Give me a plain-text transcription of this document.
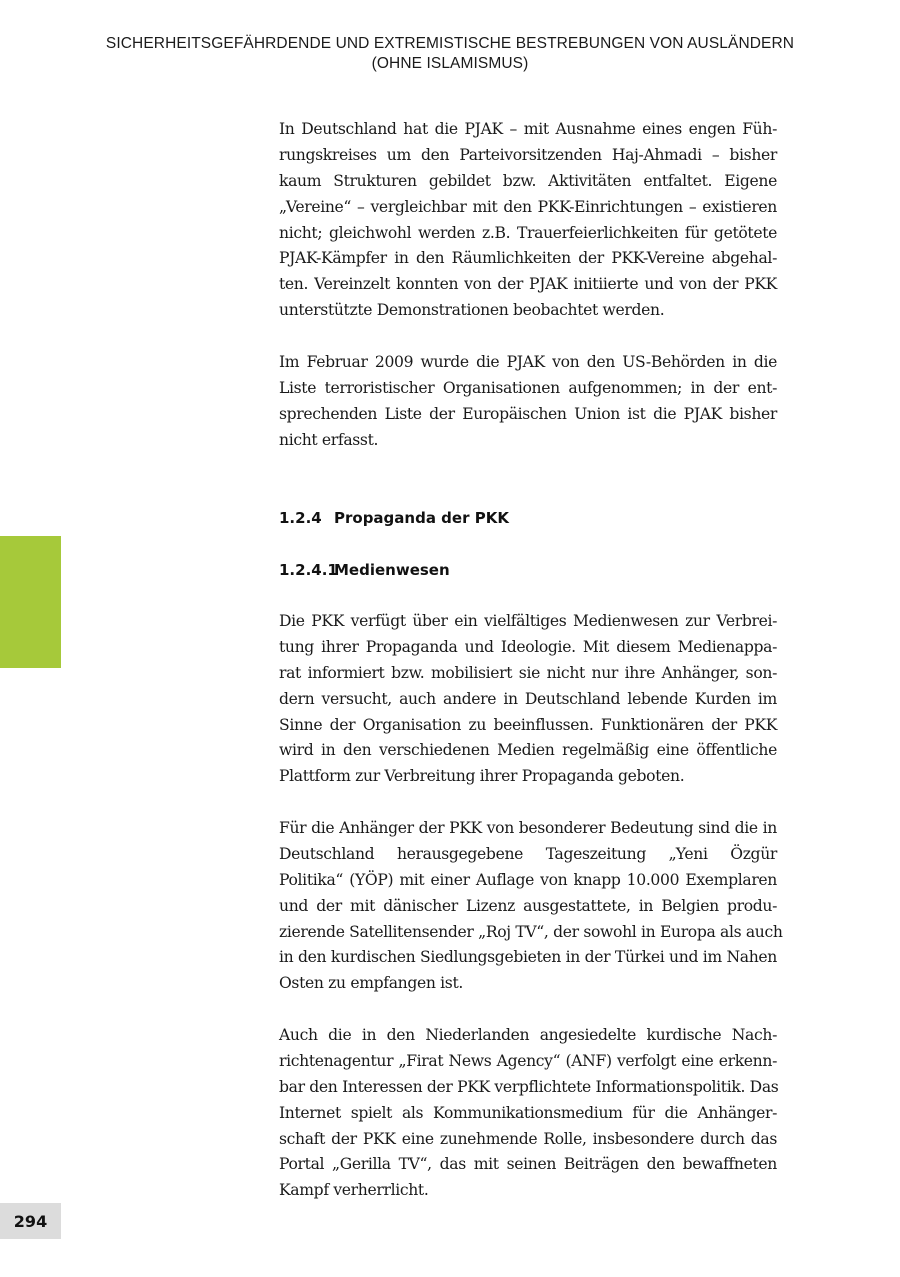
SICHERHEITSGEFÄHRDENDE UND EXTREMISTISCHE BESTREBUNGEN VON AUSLÄNDERN
(OHNE ISLAMISMUS)
294
In Deutschland hat die PJAK – mit Ausnahme eines engen Füh-
rungskreises um den Parteivorsitzenden Haj-Ahmadi – bisher
kaum Strukturen gebildet bzw. Aktivitäten entfaltet. Eigene
„Vereine“ – vergleichbar mit den PKK-Einrichtungen – existieren
nicht; gleichwohl werden z.B. Trauerfeierlichkeiten für getötete
PJAK-Kämpfer in den Räumlichkeiten der PKK-Vereine abgehal-
ten. Vereinzelt konnten von der PJAK initiierte und von der PKK
unterstützte Demonstrationen beobachtet werden.
Im Februar 2009 wurde die PJAK von den US-Behörden in die
Liste terroristischer Organisationen aufgenommen; in der ent-
sprechenden Liste der Europäischen Union ist die PJAK bisher
nicht erfasst.
1.2.4 Propaganda der PKK
1.2.4.1Medienwesen
Die PKK verfügt über ein vielfältiges Medienwesen zur Verbrei-
tung ihrer Propaganda und Ideologie. Mit diesem Medienappa-
rat informiert bzw. mobilisiert sie nicht nur ihre Anhänger, son-
dern versucht, auch andere in Deutschland lebende Kurden im
Sinne der Organisation zu beeinflussen. Funktionären der PKK
wird in den verschiedenen Medien regelmäßig eine öffentliche
Plattform zur Verbreitung ihrer Propaganda geboten.
Für die Anhänger der PKK von besonderer Bedeutung sind die in
Deutschland herausgegebene Tageszeitung „Yeni Özgür
Politika“ (YÖP) mit einer Auflage von knapp 10.000 Exemplaren
und der mit dänischer Lizenz ausgestattete, in Belgien produ-
zierende Satellitensender „Roj TV“, der sowohl in Europa als auch
in den kurdischen Siedlungsgebieten in der Türkei und im Nahen
Osten zu empfangen ist.
Auch die in den Niederlanden angesiedelte kurdische Nach-
richtenagentur „Firat News Agency“ (ANF) verfolgt eine erkenn-
bar den Interessen der PKK verpflichtete Informationspolitik. Das
Internet spielt als Kommunikationsmedium für die Anhänger-
schaft der PKK eine zunehmende Rolle, insbesondere durch das
Portal „Gerilla TV“, das mit seinen Beiträgen den bewaffneten
Kampf verherrlicht.
